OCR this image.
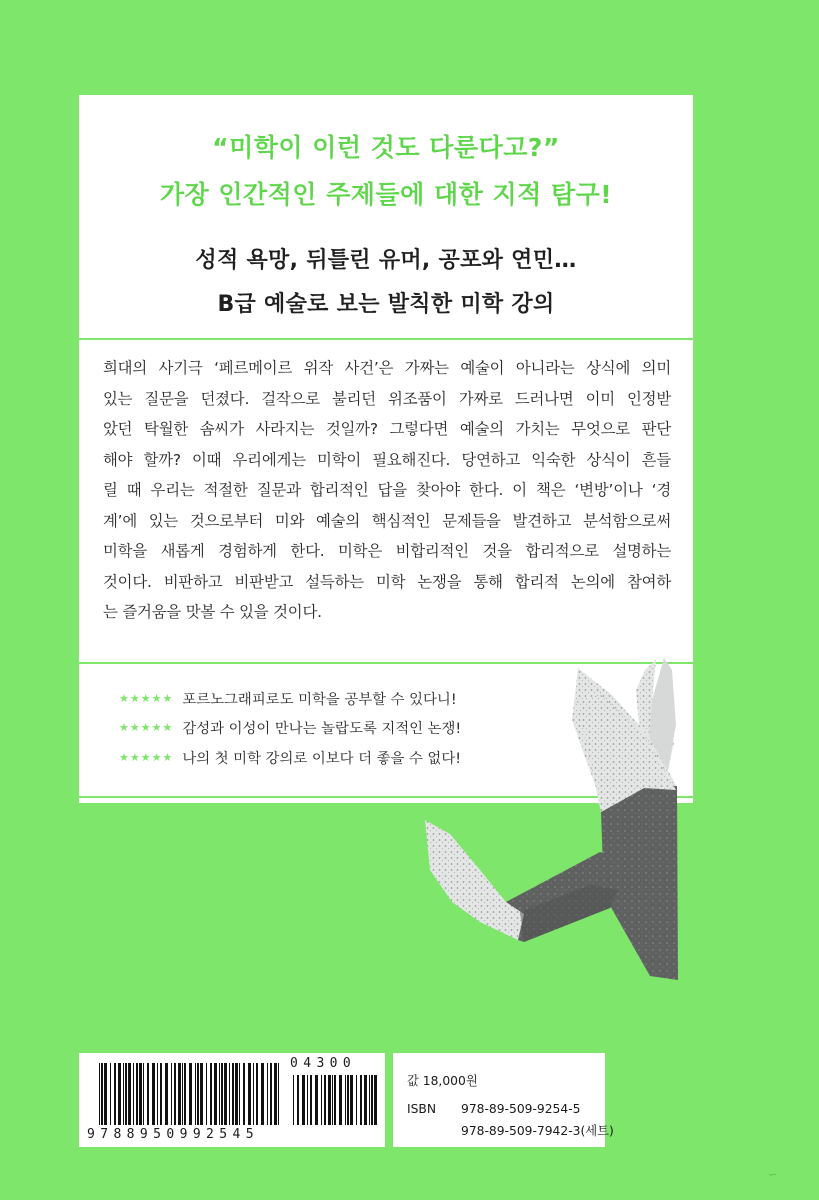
“미학이 이런 것도 다룬다고?”
가장 인간적인 주제들에 대한 지적 탐구!
성적 욕망, 뒤틀린 유머, 공포와 연민…
B급 예술로 보는 발칙한 미학 강의
희대의 사기극 ‘페르메이르 위작 사건’은 가짜는 예술이 아니라는 상식에 의미
있는 질문을 던졌다. 걸작으로 불리던 위조품이 가짜로 드러나면 이미 인정받
았던 탁월한 솜씨가 사라지는 것일까? 그렇다면 예술의 가치는 무엇으로 판단
해야 할까? 이때 우리에게는 미학이 필요해진다. 당연하고 익숙한 상식이 흔들
릴 때 우리는 적절한 질문과 합리적인 답을 찾아야 한다. 이 책은 ‘변방’이나 ‘경
계’에 있는 것으로부터 미와 예술의 핵심적인 문제들을 발견하고 분석함으로써
미학을 새롭게 경험하게 한다. 미학은 비합리적인 것을 합리적으로 설명하는
것이다. 비판하고 비판받고 설득하는 미학 논쟁을 통해 합리적 논의에 참여하
는 즐거움을 맛볼 수 있을 것이다.
★★★★★ 포르노그래피로도 미학을 공부할 수 있다니!
★★★★★ 감성과 이성이 만나는 놀랍도록 지적인 논쟁!
★★★★★ 나의 첫 미학 강의로 이보다 더 좋을 수 없다!
04300
9788950992545
값 18,000원
ISBN 978-89-509-9254-5
978-89-509-7942-3(세트)
∽
